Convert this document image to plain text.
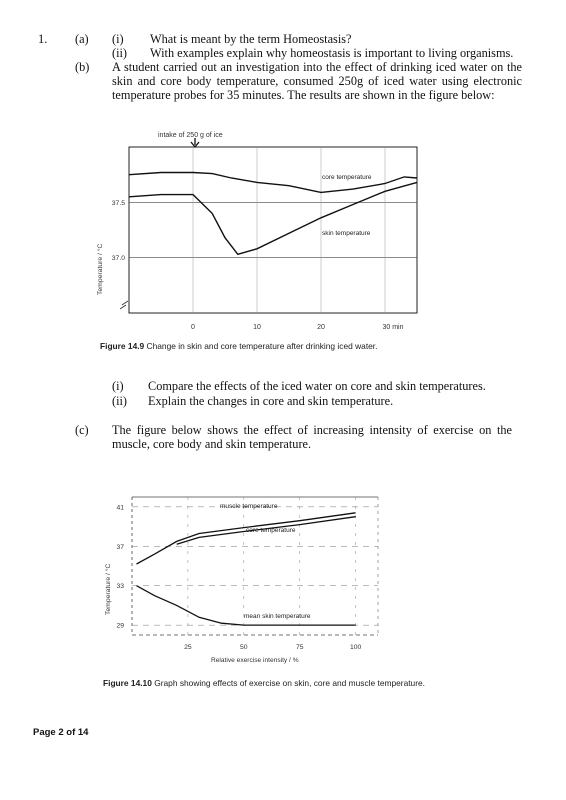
1. (a) (i) What is meant by the term Homeostasis?
(ii) With examples explain why homeostasis is important to living organisms.
(b) A student carried out an investigation into the effect of drinking iced water on the
skin and core body temperature, consumed 250g of iced water using electronic
temperature probes for 35 minutes. The results are shown in the figure below:
intake of 250 g of ice
Temperature / °C
0	10	20	30 min
37.5
37.0
core temperature
skin temperature
Figure 14.9 Change in skin and core temperature after drinking iced water.
(i) Compare the effects of the iced water on core and skin temperatures.
(ii) Explain the changes in core and skin temperature.
(c) The figure below shows the effect of increasing intensity of exercise on the
muscle, core body and skin temperature.
Temperature / °C
25	50	75	100
41
37
33
29
muscle temperature
core temperature
mean skin temperature
Relative exercise intensity / %
Figure 14.10 Graph showing effects of exercise on skin, core and muscle temperature.
Page 2 of 14
